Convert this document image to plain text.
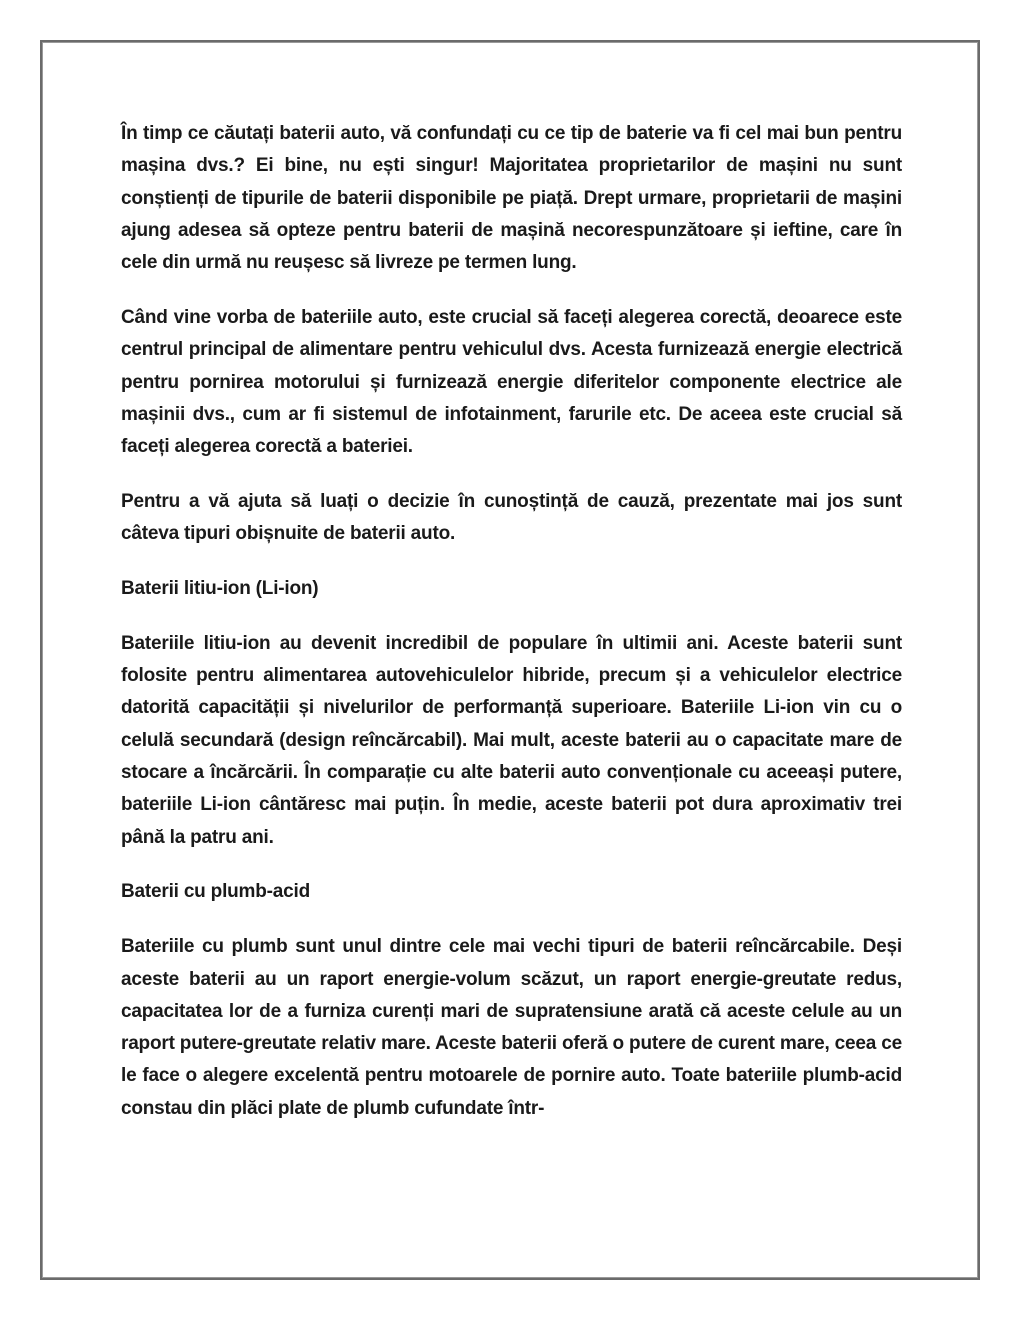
În timp ce căutați baterii auto, vă confundați cu ce tip de baterie va fi cel mai bun pentru mașina dvs.? Ei bine, nu ești singur! Majoritatea proprietarilor de mașini nu sunt conștienți de tipurile de baterii disponibile pe piață. Drept urmare, proprietarii de mașini ajung adesea să opteze pentru baterii de mașină necorespunzătoare și ieftine, care în cele din urmă nu reușesc să livreze pe termen lung.

Când vine vorba de bateriile auto, este crucial să faceți alegerea corectă, deoarece este centrul principal de alimentare pentru vehiculul dvs. Acesta furnizează energie electrică pentru pornirea motorului și furnizează energie diferitelor componente electrice ale mașinii dvs., cum ar fi sistemul de infotainment, farurile etc. De aceea este crucial să faceți alegerea corectă a bateriei.

Pentru a vă ajuta să luați o decizie în cunoștință de cauză, prezentate mai jos sunt câteva tipuri obișnuite de baterii auto.

Baterii litiu-ion (Li-ion)

Bateriile litiu-ion au devenit incredibil de populare în ultimii ani. Aceste baterii sunt folosite pentru alimentarea autovehiculelor hibride, precum și a vehiculelor electrice datorită capacității și nivelurilor de performanță superioare. Bateriile Li-ion vin cu o celulă secundară (design reîncărcabil). Mai mult, aceste baterii au o capacitate mare de stocare a încărcării. În comparație cu alte baterii auto convenționale cu aceeași putere, bateriile Li-ion cântăresc mai puțin. În medie, aceste baterii pot dura aproximativ trei până la patru ani.

Baterii cu plumb-acid

Bateriile cu plumb sunt unul dintre cele mai vechi tipuri de baterii reîncărcabile. Deși aceste baterii au un raport energie-volum scăzut, un raport energie-greutate redus, capacitatea lor de a furniza curenți mari de supratensiune arată că aceste celule au un raport putere-greutate relativ mare. Aceste baterii oferă o putere de curent mare, ceea ce le face o alegere excelentă pentru motoarele de pornire auto. Toate bateriile plumb-acid constau din plăci plate de plumb cufundate într-
